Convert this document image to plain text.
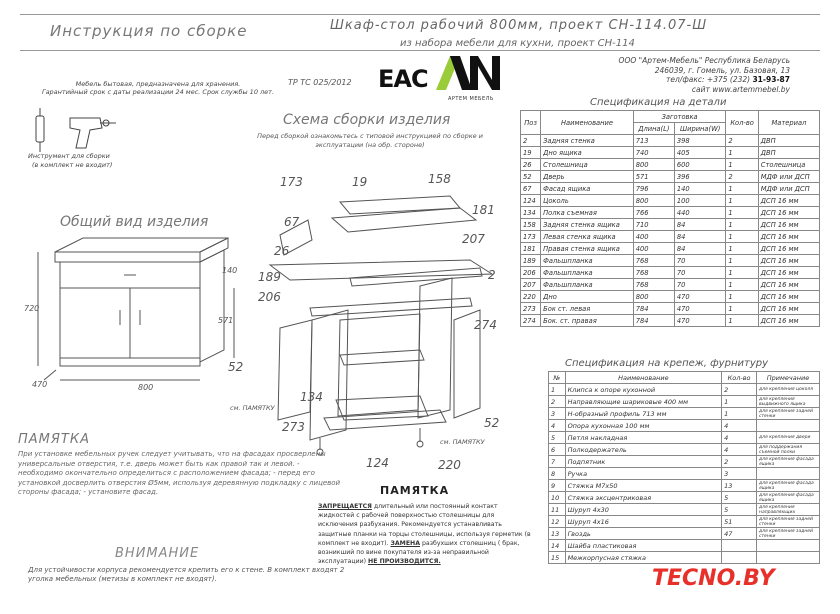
Инструкция по сборке	Шкаф-стол рабочий 800мм, проект СН-114.07-Ш
из набора мебели для кухни, проект СН-114
Мебель бытовая, предназначена для хранения.
Гарантийный срок с даты реализации 24 мес. Срок службы 10 лет.
ТР ТС 025/2012
Инструмент для сборки
(в комплект не входит)
EAC
АРТЕМ МЕБЕЛЬ
ООО "Артем-Мебель" Республика Беларусь
246039, г. Гомель, ул. Базовая, 13
тел/факс: +375 (232) 31-93-87
сайт www.artemmebel.by
Спецификация на детали
Поз	Наименование	Заготовка		Кол-во	Материал
		Длина(L)	Ширина(W)		
2	Задняя стенка	713	398	2	ДВП
19	Дно ящика	740	405	1	ДВП
26	Столешница	800	600	1	Столешница
52	Дверь	571	396	2	МДФ или ДСП
67	Фасад ящика	796	140	1	МДФ или ДСП
124	Цоколь	800	100	1	ДСП 16 мм
134	Полка съемная	766	440	1	ДСП 16 мм
158	Задняя стенка ящика	710	84	1	ДСП 16 мм
173	Левая стенка ящика	400	84	1	ДСП 16 мм
181	Правая стенка ящика	400	84	1	ДСП 16 мм
189	Фальшпланка	768	70	1	ДСП 16 мм
206	Фальшпланка	768	70	1	ДСП 16 мм
207	Фальшпланка	768	70	1	ДСП 16 мм
220	Дно	800	470	1	ДСП 16 мм
273	Бок ст. левая	784	470	1	ДСП 16 мм
274	Бок. ст. правая	784	470	1	ДСП 16 мм
Спецификация на крепеж, фурнитуру
№	Наименование	Кол-во	Примечание
1	Клипса к опоре кухонной	2	для крепления цоколя
2	Направляющие шариковые 400 мм	1	для крепления выдвижного ящика
3	Н-образный профиль 713 мм	1	для крепления задней стенки
4	Опора кухонная 100 мм	4	
5	Петля накладная	4	для крепления двери
6	Полкодержатель	4	для поддержания съемной полки
7	Подпятник	2	для крепления фасада ящика
8	Ручка	3	
9	Стяжка М7х50	13	для крепления фасада ящика
10	Стяжка эксцентриковая	5	для крепления фасада ящика
11	Шуруп 4х30	5	для крепления направляющих
12	Шуруп 4х16	51	для крепления задней стенки
13	Гвоздь	47	для крепления задней стенки
14	Шайба пластиковая		
15	Межкорпусная стяжка		
Общий вид изделия
720
571
140
800
470
Схема сборки изделия
Перед сборкой ознакомьтесь с типовой инструкцией по сборке и эксплуатации (на обр. стороне)
173	19	158
67
181
207
26
189
206
2
274
52
134
273
124	220
52
см. ПАМЯТКУ
см. ПАМЯТКУ
ПАМЯТКА
При установке мебельных ручек следует учитывать, что на фасадах просверлены универсальные отверстия, т.е. дверь может быть как правой так и левой. - необходимо окончательно определиться с расположением фасада; - перед его установкой досверлить отверстия Ø5мм, используя деревянную подкладку с лицевой стороны фасада; - установите фасад.
ВНИМАНИЕ
Для устойчивости корпуса рекомендуется крепить его к стене. В комплект входят 2 уголка мебельных (метизы в комплект не входят).
ПАМЯТКА
ЗАПРЕЩАЕТСЯ длительный или постоянный контакт жидкостей с рабочей поверхностью столешницы для исключения разбухания. Рекомендуется устанавливать защитные планки на торцы столешницы, используя герметик (в комплект не входит). ЗАМЕНА разбухших столешниц ( брак, возникший по вине покупателя из-за неправильной эксплуатации) НЕ ПРОИЗВОДИТСЯ.
TECNO.BY
